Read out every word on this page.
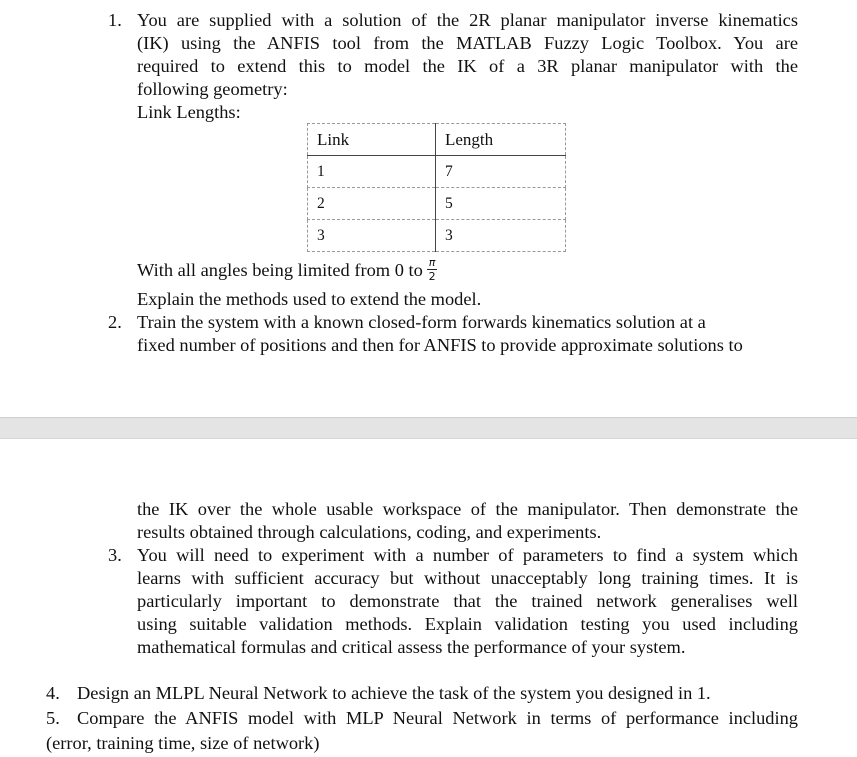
1. You are supplied with a solution of the 2R planar manipulator inverse kinematics
(IK) using the ANFIS tool from the MATLAB Fuzzy Logic Toolbox. You are
required to extend this to model the IK of a 3R planar manipulator with the
following geometry:
Link Lengths:
Link	Length
1	7
2	5
3	3
With all angles being limited from 0 to $\frac{\pi}{2}$
Explain the methods used to extend the model.
2. Train the system with a known closed-form forwards kinematics solution at a
fixed number of positions and then for ANFIS to provide approximate solutions to
the IK over the whole usable workspace of the manipulator. Then demonstrate the
results obtained through calculations, coding, and experiments.
3. You will need to experiment with a number of parameters to find a system which
learns with sufficient accuracy but without unacceptably long training times. It is
particularly important to demonstrate that the trained network generalises well
using suitable validation methods. Explain validation testing you used including
mathematical formulas and critical assess the performance of your system.
4. Design an MLPL Neural Network to achieve the task of the system you designed in 1.
5. Compare the ANFIS model with MLP Neural Network in terms of performance including
(error, training time, size of network)
